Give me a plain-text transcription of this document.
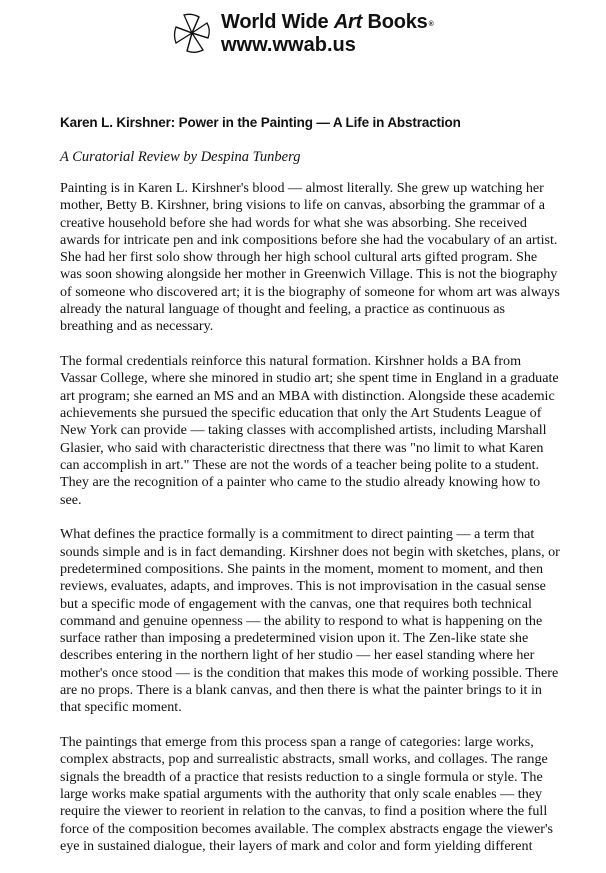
World Wide Art Books®
www.wwab.us
Karen L. Kirshner: Power in the Painting — A Life in Abstraction
A Curatorial Review by Despina Tunberg

Painting is in Karen L. Kirshner's blood — almost literally. She grew up watching her mother, Betty B. Kirshner, bring visions to life on canvas, absorbing the grammar of a creative household before she had words for what she was absorbing. She received awards for intricate pen and ink compositions before she had the vocabulary of an artist. She had her first solo show through her high school cultural arts gifted program. She was soon showing alongside her mother in Greenwich Village. This is not the biography of someone who discovered art; it is the biography of someone for whom art was always already the natural language of thought and feeling, a practice as continuous as breathing and as necessary.

The formal credentials reinforce this natural formation. Kirshner holds a BA from Vassar College, where she minored in studio art; she spent time in England in a graduate art program; she earned an MS and an MBA with distinction. Alongside these academic achievements she pursued the specific education that only the Art Students League of New York can provide — taking classes with accomplished artists, including Marshall Glasier, who said with characteristic directness that there was "no limit to what Karen can accomplish in art." These are not the words of a teacher being polite to a student. They are the recognition of a painter who came to the studio already knowing how to see.

What defines the practice formally is a commitment to direct painting — a term that sounds simple and is in fact demanding. Kirshner does not begin with sketches, plans, or predetermined compositions. She paints in the moment, moment to moment, and then reviews, evaluates, adapts, and improves. This is not improvisation in the casual sense but a specific mode of engagement with the canvas, one that requires both technical command and genuine openness — the ability to respond to what is happening on the surface rather than imposing a predetermined vision upon it. The Zen-like state she describes entering in the northern light of her studio — her easel standing where her mother's once stood — is the condition that makes this mode of working possible. There are no props. There is a blank canvas, and then there is what the painter brings to it in that specific moment.

The paintings that emerge from this process span a range of categories: large works, complex abstracts, pop and surrealistic abstracts, small works, and collages. The range signals the breadth of a practice that resists reduction to a single formula or style. The large works make spatial arguments with the authority that only scale enables — they require the viewer to reorient in relation to the canvas, to find a position where the full force of the composition becomes available. The complex abstracts engage the viewer's eye in sustained dialogue, their layers of mark and color and form yielding different
